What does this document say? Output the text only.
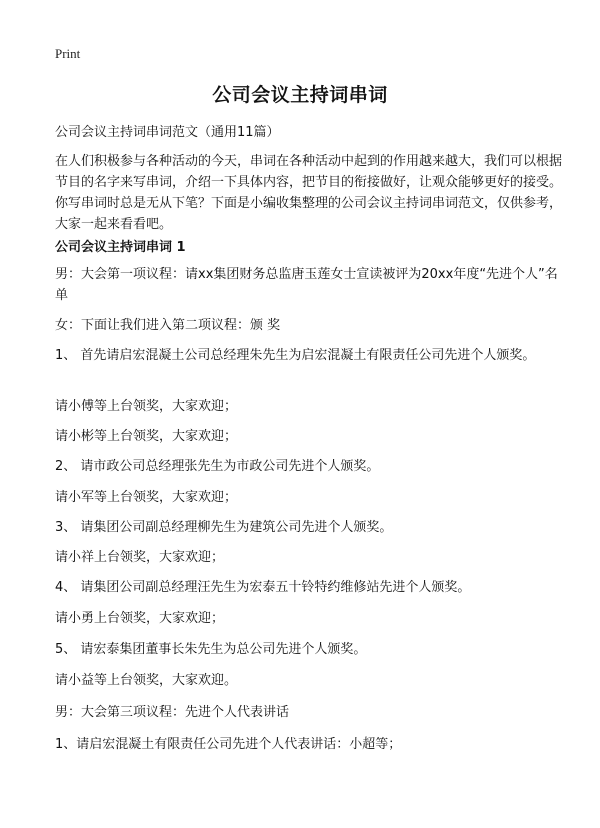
Print
公司会议主持词串词
公司会议主持词串词范文（通用11篇）
在人们积极参与各种活动的今天，串词在各种活动中起到的作用越来越大，我们可以根据节目的名字来写串词，介绍一下具体内容，把节目的衔接做好，让观众能够更好的接受。你写串词时总是无从下笔？下面是小编收集整理的公司会议主持词串词范文，仅供参考，大家一起来看看吧。
公司会议主持词串词 1
男：大会第一项议程：请xx集团财务总监唐玉莲女士宣读被评为20xx年度“先进个人”名单
女：下面让我们进入第二项议程：颁 奖
1、 首先请启宏混凝土公司总经理朱先生为启宏混凝土有限责任公司先进个人颁奖。
请小傅等上台领奖，大家欢迎；
请小彬等上台领奖，大家欢迎；
2、 请市政公司总经理张先生为市政公司先进个人颁奖。
请小军等上台领奖，大家欢迎；
3、 请集团公司副总经理柳先生为建筑公司先进个人颁奖。
请小祥上台领奖，大家欢迎；
4、 请集团公司副总经理汪先生为宏泰五十铃特约维修站先进个人颁奖。
请小勇上台领奖，大家欢迎；
5、 请宏泰集团董事长朱先生为总公司先进个人颁奖。
请小益等上台领奖，大家欢迎。
男：大会第三项议程：先进个人代表讲话
1、请启宏混凝土有限责任公司先进个人代表讲话：小超等；
